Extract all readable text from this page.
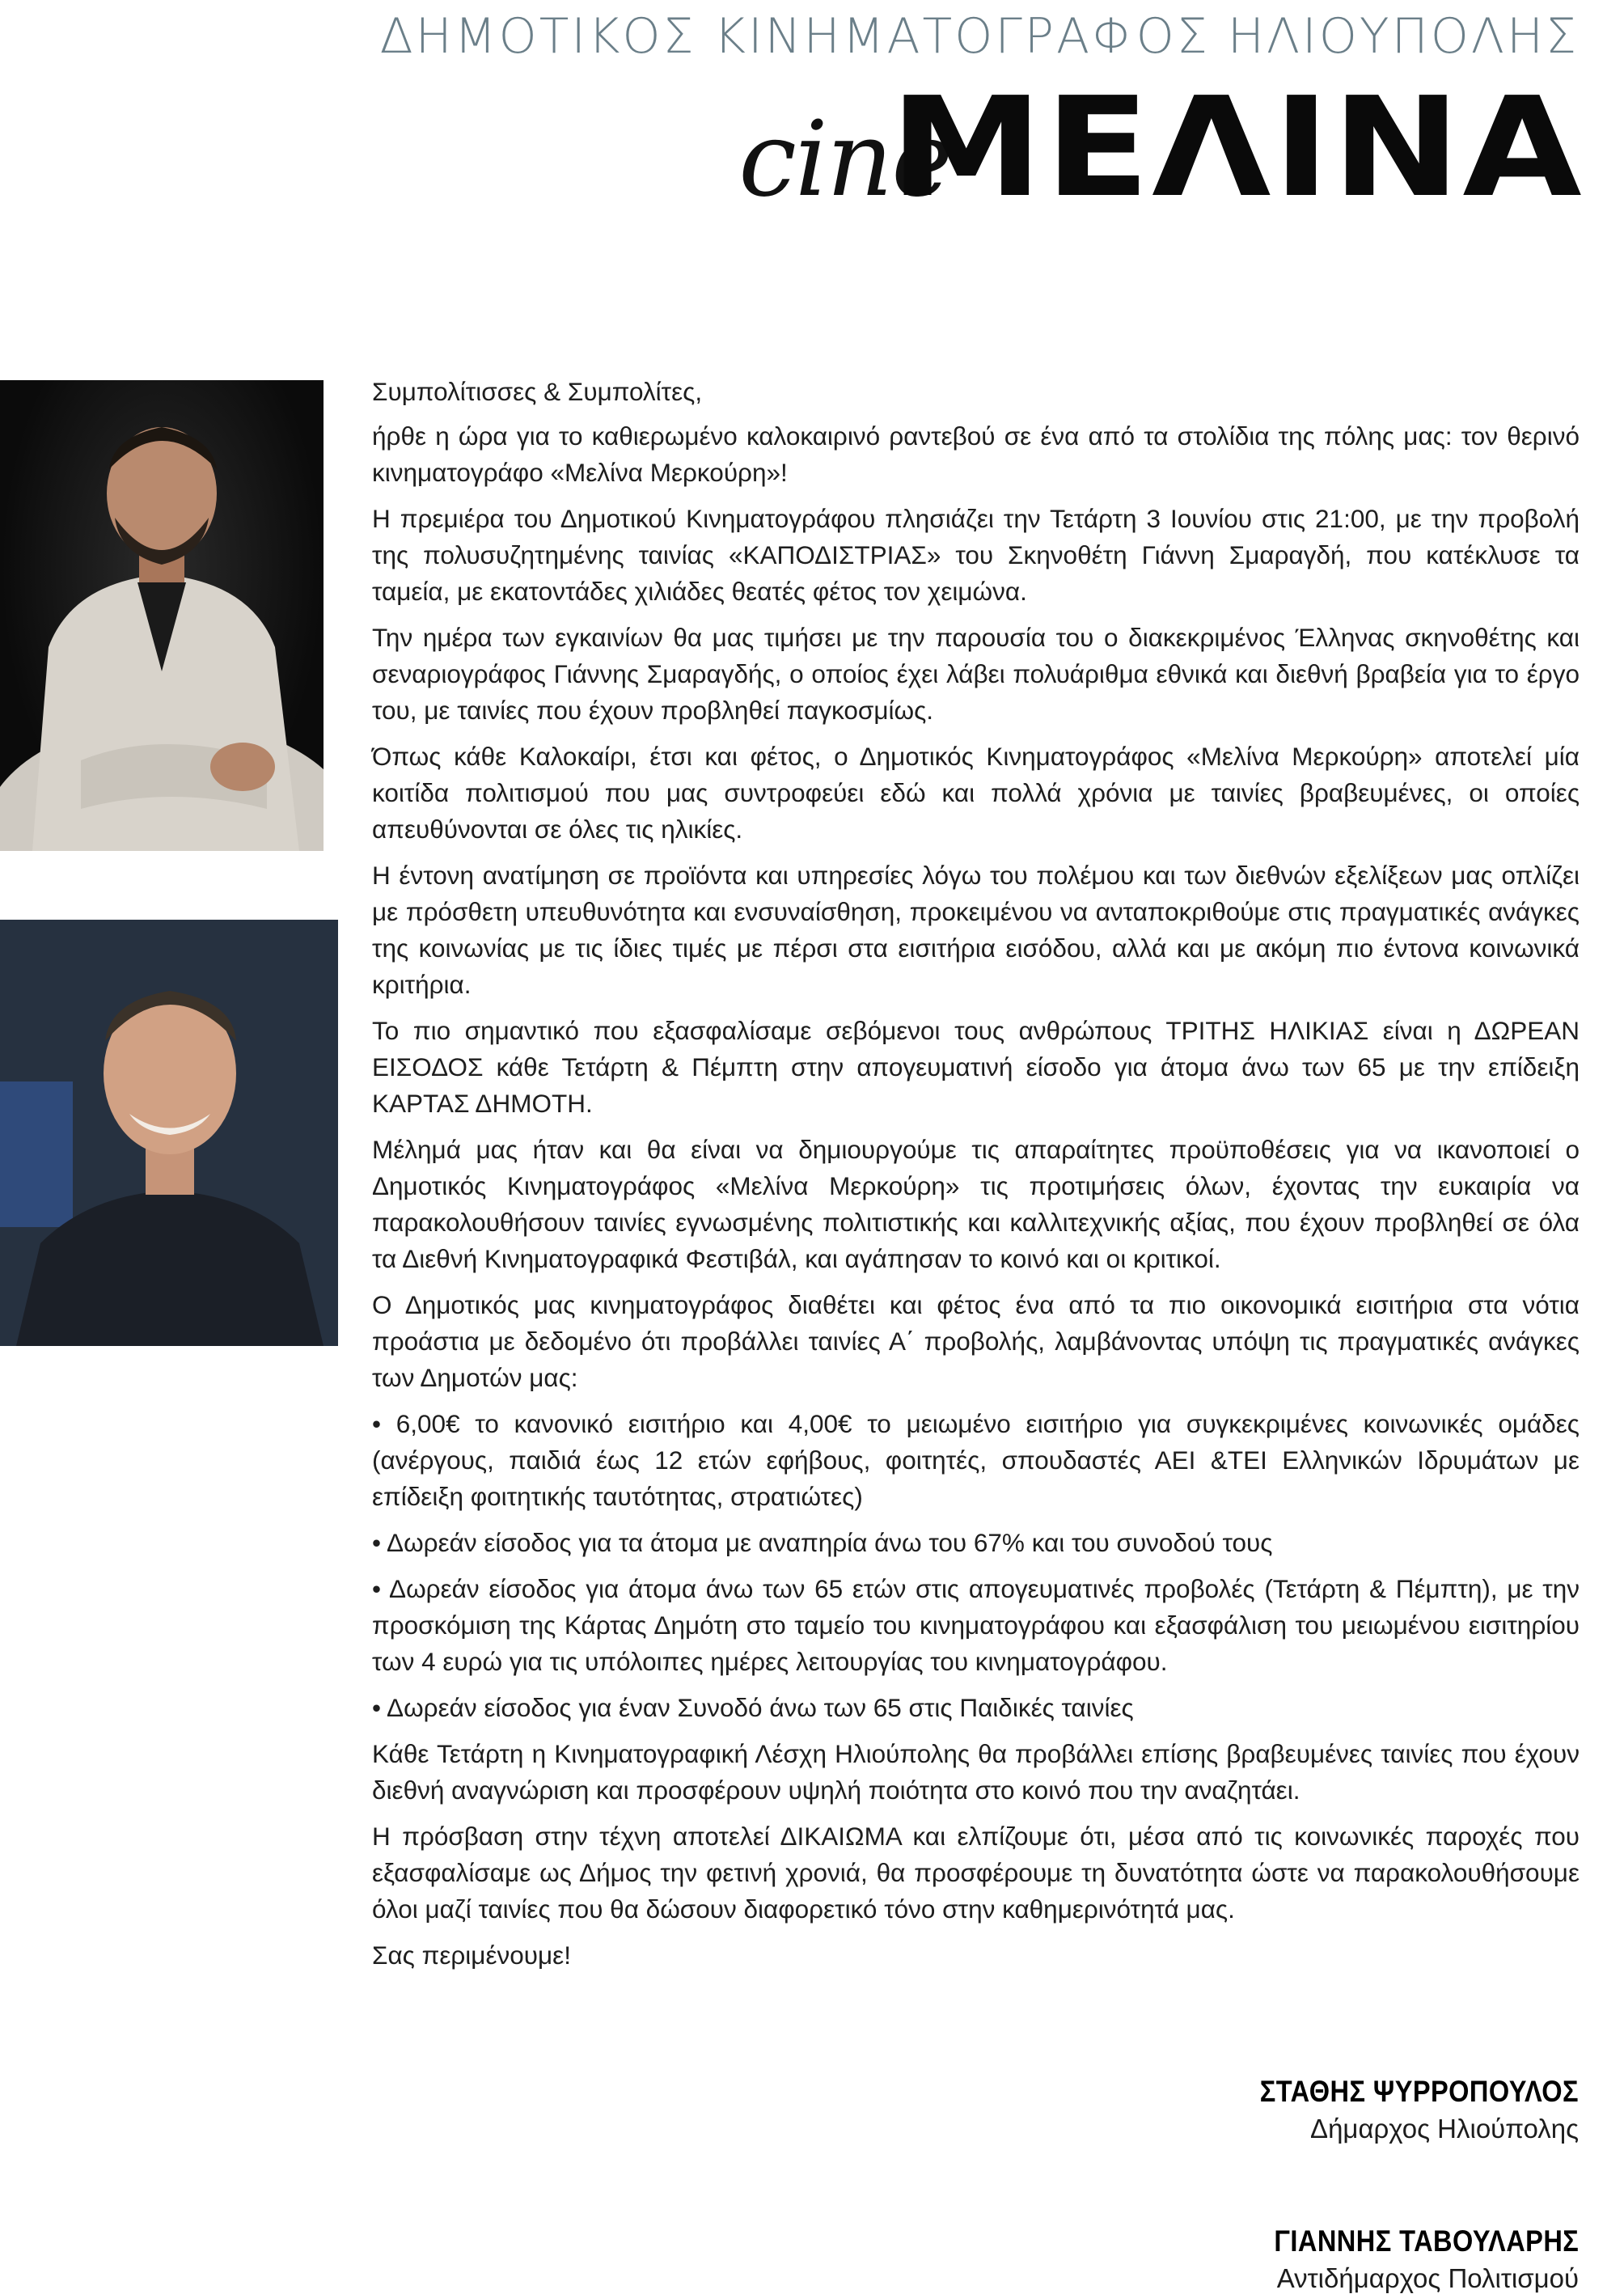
ΔΗΜΟΤΙΚΟΣ ΚΙΝΗΜΑΤΟΓΡΑΦΟΣ ΗΛΙΟΥΠΟΛΗΣ
cine
ΜΕΛΙΝΑ

Συμπολίτισσες & Συμπολίτες,

ήρθε η ώρα για το καθιερωμένο καλοκαιρινό ραντεβού σε ένα από τα στολίδια της πόλης μας: τον θερινό κινηματογράφο «Μελίνα Μερκούρη»!

Η πρεμιέρα του Δημοτικού Κινηματογράφου πλησιάζει την Τετάρτη 3 Ιουνίου στις 21:00, με την προβολή της πολυσυζητημένης ταινίας «ΚΑΠΟΔΙΣΤΡΙΑΣ» του Σκηνοθέτη Γιάννη Σμαραγδή, που κατέκλυσε τα ταμεία, με εκατοντάδες χιλιάδες θεατές φέτος τον χειμώνα.

Την ημέρα των εγκαινίων θα μας τιμήσει με την παρουσία του ο διακεκριμένος Έλληνας σκηνοθέτης και σεναριογράφος Γιάννης Σμαραγδής, ο οποίος έχει λάβει πολυάριθμα εθνικά και διεθνή βραβεία για το έργο του, με ταινίες που έχουν προβληθεί παγκοσμίως.

Όπως κάθε Καλοκαίρι, έτσι και φέτος, ο Δημοτικός Κινηματογράφος «Μελίνα Μερκούρη» αποτελεί μία κοιτίδα πολιτισμού που μας συντροφεύει εδώ και πολλά χρόνια με ταινίες βραβευμένες, οι οποίες απευθύνονται σε όλες τις ηλικίες.

Η έντονη ανατίμηση σε προϊόντα και υπηρεσίες λόγω του πολέμου και των διεθνών εξελίξεων μας οπλίζει με πρόσθετη υπευθυνότητα και ενσυναίσθηση, προκειμένου να ανταποκριθούμε στις πραγματικές ανάγκες της κοινωνίας με τις ίδιες τιμές με πέρσι στα εισιτήρια εισόδου, αλλά και με ακόμη πιο έντονα κοινωνικά κριτήρια.

Το πιο σημαντικό που εξασφαλίσαμε σεβόμενοι τους ανθρώπους ΤΡΙΤΗΣ ΗΛΙΚΙΑΣ είναι η ΔΩΡΕΑΝ ΕΙΣΟΔΟΣ κάθε Τετάρτη & Πέμπτη στην απογευματινή είσοδο για άτομα άνω των 65 με την επίδειξη ΚΑΡΤΑΣ ΔΗΜΟΤΗ.

Μέλημά μας ήταν και θα είναι να δημιουργούμε τις απαραίτητες προϋποθέσεις για να ικανοποιεί ο Δημοτικός Κινηματογράφος «Μελίνα Μερκούρη» τις προτιμήσεις όλων, έχοντας την ευκαιρία να παρακολουθήσουν ταινίες εγνωσμένης πολιτιστικής και καλλιτεχνικής αξίας, που έχουν προβληθεί σε όλα τα Διεθνή Κινηματογραφικά Φεστιβάλ, και αγάπησαν το κοινό και οι κριτικοί.

Ο Δημοτικός μας κινηματογράφος διαθέτει και φέτος ένα από τα πιο οικονομικά εισιτήρια στα νότια προάστια με δεδομένο ότι προβάλλει ταινίες Α΄ προβολής, λαμβάνοντας υπόψη τις πραγματικές ανάγκες των Δημοτών μας:

• 6,00€ το κανονικό εισιτήριο και 4,00€ το μειωμένο εισιτήριο για συγκεκριμένες κοινωνικές ομάδες (ανέργους, παιδιά έως 12 ετών εφήβους, φοιτητές, σπουδαστές ΑΕΙ &ΤΕΙ Ελληνικών Ιδρυμάτων με επίδειξη φοιτητικής ταυτότητας, στρατιώτες)

• Δωρεάν είσοδος για τα άτομα με αναπηρία άνω του 67% και του συνοδού τους

• Δωρεάν είσοδος για άτομα άνω των 65 ετών στις απογευματινές προβολές (Τετάρτη & Πέμπτη), με την προσκόμιση της Κάρτας Δημότη στο ταμείο του κινηματογράφου και εξασφάλιση του μειωμένου εισιτηρίου των 4 ευρώ για τις υπόλοιπες ημέρες λειτουργίας του κινηματογράφου.

• Δωρεάν είσοδος για έναν Συνοδό άνω των 65 στις Παιδικές ταινίες

Κάθε Τετάρτη η Κινηματογραφική Λέσχη Ηλιούπολης θα προβάλλει επίσης βραβευμένες ταινίες που έχουν διεθνή αναγνώριση και προσφέρουν υψηλή ποιότητα στο κοινό που την αναζητάει.

Η πρόσβαση στην τέχνη αποτελεί ΔΙΚΑΙΩΜΑ και ελπίζουμε ότι, μέσα από τις κοινωνικές παροχές που εξασφαλίσαμε ως Δήμος την φετινή χρονιά, θα προσφέρουμε τη δυνατότητα ώστε να παρακολουθήσουμε όλοι μαζί ταινίες που θα δώσουν διαφορετικό τόνο στην καθημερινότητά μας.

Σας περιμένουμε!

ΣΤΑΘΗΣ ΨΥΡΡΟΠΟΥΛΟΣ
Δήμαρχος Ηλιούπολης
ΓΙΑΝΝΗΣ ΤΑΒΟΥΛΑΡΗΣ
Αντιδήμαρχος Πολιτισμού
